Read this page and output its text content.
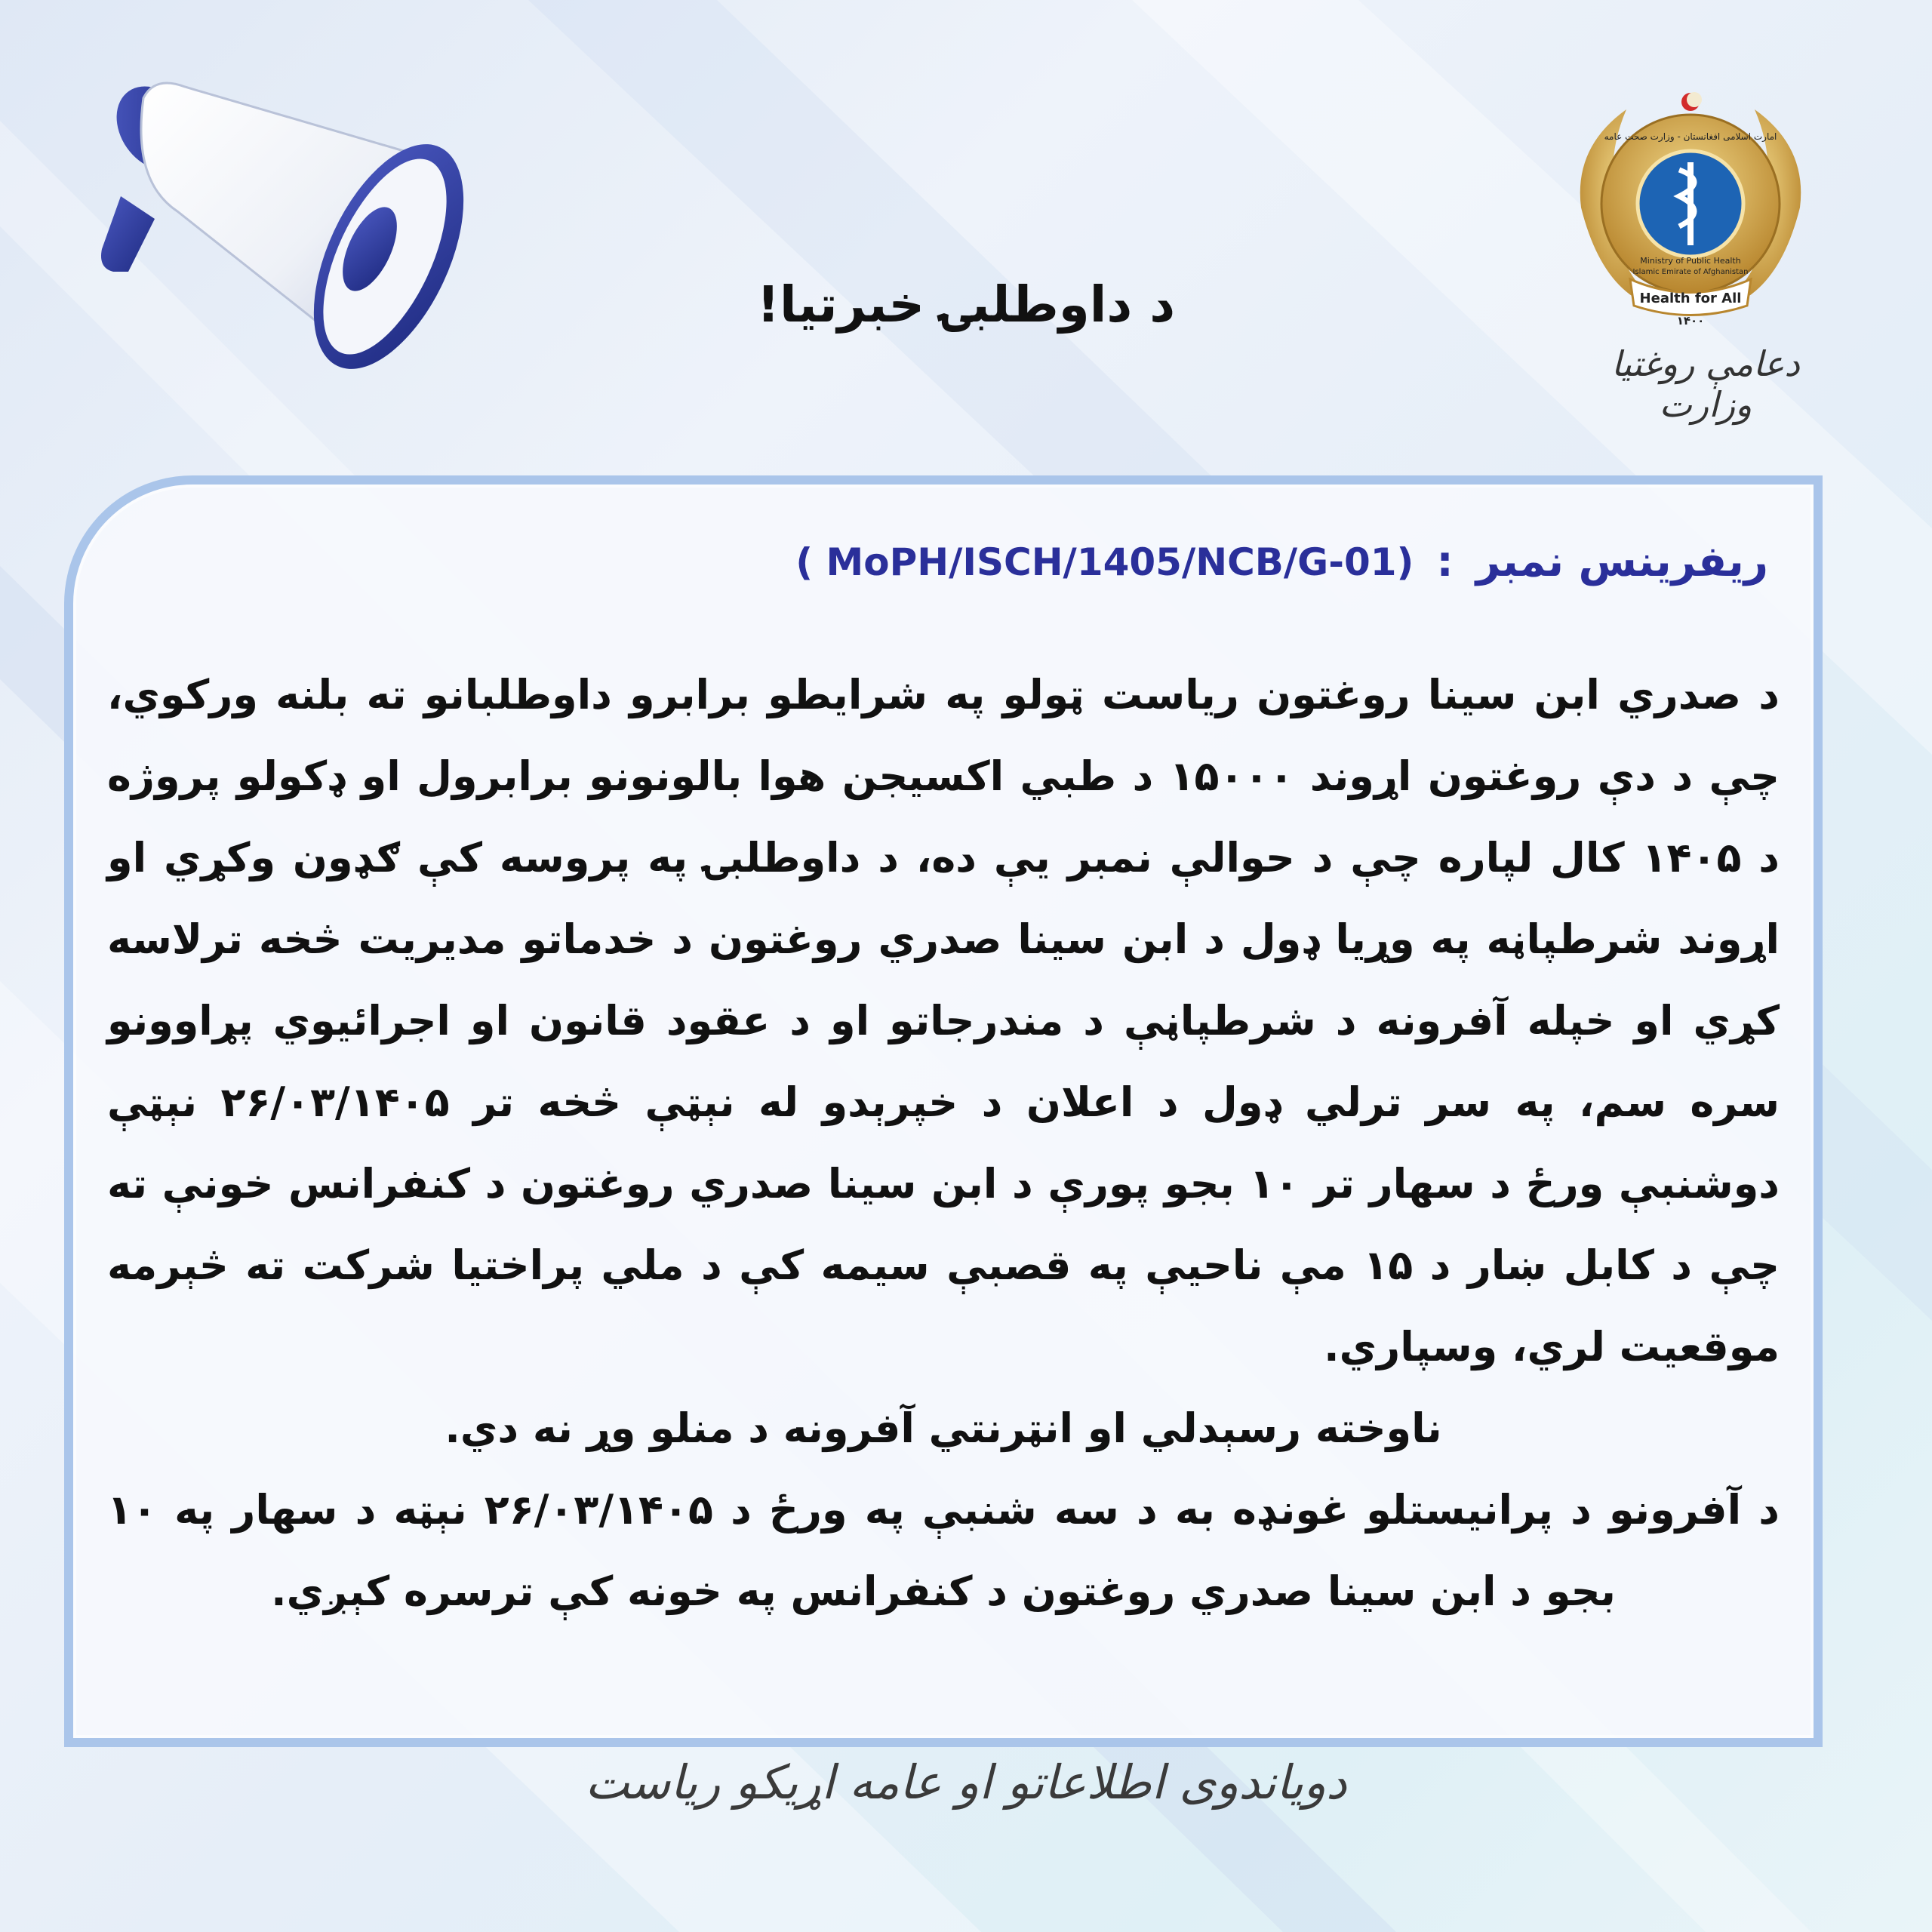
د داوطلبۍ خبرتیا!	Health for All
۱۴۰۰
Ministry of Public Health
Islamic Emirate of Afghanistan
امارت اسلامی افغانستان - وزارت صحت عامه
دعامې روغتیا وزارت
ریفرینس نمبر
:
( MoPH/ISCH/1405/NCB/G-01)

د صدري ابن سینا روغتون ریاست ټولو په شرایطو برابرو داوطلبانو ته بلنه ورکوي، چې د دې روغتون اړوند ۱۵۰۰۰ د طبي اکسیجن هوا بالونونو برابرول او ډکولو پروژه د ۱۴۰۵ کال لپاره چې د حوالې نمبر یې ده، د داوطلبۍ په پروسه کې ګډون وکړي او اړوند شرطپاڼه په وړیا ډول د ابن سینا صدري روغتون د خدماتو مدیریت څخه ترلاسه کړي او خپله آفرونه د شرطپاڼې د مندرجاتو او د عقود قانون او اجرائیوي پړاوونو سره سم، په سر ترلي ډول د اعلان د خپرېدو له نېټې څخه تر ۲۶/۰۳/۱۴۰۵ نېټې دوشنبې ورځ د سهار تر ۱۰ بجو پورې د ابن سینا صدري روغتون د کنفرانس خونې ته چې د کابل ښار د ۱۵ مې ناحیې په قصبې سیمه کې د ملي پراختیا شرکت ته څېرمه موقعیت لري، وسپاري.

ناوخته رسېدلي او انټرنتي آفرونه د منلو وړ نه دي.

د آفرونو د پرانیستلو غونډه به د سه شنبې په ورځ د ۲۶/۰۳/۱۴۰۵ نېټه د سهار په ۱۰ بجو د ابن سینا صدري روغتون د کنفرانس په خونه کې ترسره کېږي.

دویاندوی اطلاعاتو او عامه اړیکو ریاست
